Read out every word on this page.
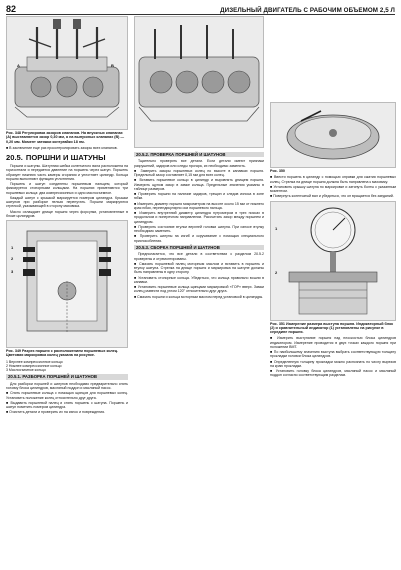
82	ДИЗЕЛЬНЫЙ ДВИГАТЕЛЬ С РАБОЧИМ ОБЪЕМОМ 2,5 Л
A	B
Рис. 348 Регулировка зазоров клапанов. На впускных клапанах (А) выставляется зазор 0,30 мм, а на выпускных клапанах (В) — 0,20 мм. Момент затяжки контргайки 18 нм.
■ В заключение еще раз проконтролировать зазоры всех клапанов.
20.5. ПОРШНИ И ШАТУНЫ
Поршни и шатуны. Шатунная шейка коленчатого вала расположена на горизонтали и передается давление на поршень через шатун. Поршень образует нижнюю часть камеры сгорания и уплотняет цилиндр. Кольца поршня выполняют функцию уплотнения.
Поршень и шатун соединены поршневым пальцем, который фиксируется стопорными кольцами. На поршнях применяются три поршневых кольца: два компрессионных и одно маслосъемное.
Каждый шатун с крышкой маркируется номером цилиндра. Крышки шатунов при разборке нельзя перепутать. Поршни маркируются стрелкой, указывающей в сторону маховика.
Масло охлаждает днище поршня через форсунки, установленные в блоке цилиндров.
1
2
3
Рис. 349 Разрез поршня с расположением поршневых колец. Цветовая маркировка колец указана на рисунке.
1 Верхнее компрессионное кольцо
2 Нижнее компрессионное кольцо
3 Маслосъемное кольцо
20.5.1. РАЗБОРКА ПОРШНЕЙ И ШАТУНОВ
Для разборки поршней и шатунов необходимо предварительно снять головку блока цилиндров, масляный поддон и масляный насос.
■ Снять поршневые кольца с помощью щипцов для поршневых колец. Установить положение колец относительно друг друга.
■ Выдавить поршневой палец и снять поршень с шатуна. Поршень и шатун пометить номером цилиндра.
■ Очистить детали и проверить их на износ и повреждения.
20.5.2. ПРОВЕРКА ПОРШНЕЙ И ШАТУНОВ
Тщательно проверить все детали. Если детали имеют признаки разрушений, задиров или следы прогара, их необходимо заменить.
■ Замерить зазоры поршневых колец по высоте в канавках поршня. Предельный зазор составляет 0,15 мм для всех колец.
■ Вставить поршневое кольцо в цилиндр и выровнять днищем поршня. Измерить щупом зазор в замке кольца. Предельные значения указаны в таблице размеров.
■ Проверить поршни на наличие задиров, трещин и следов износа в зоне юбки.
■ Измерить диаметр поршня микрометром на высоте около 15 мм от нижнего края юбки, перпендикулярно оси поршневого пальца.
■ Измерить внутренний диаметр цилиндра нутромером в трех поясах в продольном и поперечном направлении. Рассчитать зазор между поршнем и цилиндром.
■ Проверить состояние втулки верхней головки шатуна. При износе втулку необходимо заменить.
■ Проверить шатуны на изгиб и скручивание с помощью специального приспособления.
20.5.3. СБОРКА ПОРШНЕЙ И ШАТУНОВ
Предполагается, что все детали в соответствии с разделом 20.5.2 проверены и отремонтированы.
■ Смазать поршневой палец моторным маслом и вставить в поршень и втулку шатуна. Стрелка на днище поршня и маркировка на шатуне должны быть направлены в одну сторону.
■ Установить стопорные кольца. Убедиться, что кольца правильно вошли в канавки.
■ Установить поршневые кольца щипцами маркировкой «TOP» вверх. Замки колец развести под углом 120° относительно друг друга.
■ Смазать поршни и кольца моторным маслом перед установкой в цилиндры.
Рис. 350
■ Ввести поршень в цилиндр с помощью оправки для сжатия поршневых колец. Стрелка на днище поршня должна быть направлена к маховику.
■ Установить крышку шатуна по маркировке и затянуть болты с указанным моментом.
■ Повернуть коленчатый вал и убедиться, что он вращается без заеданий.
1
2
Рис. 351 Измерение размера выступа поршня. Индикаторный блок (2) и сравнительный индикатор (1) установлены на рисунке в середине поршня.
■ Измерить выступание поршня над плоскостью блока цилиндров индикатором. Измерение проводится в двух точках каждого поршня при положении ВМТ.
■ По наибольшему значению выступа выбрать соответствующую толщину прокладки головки блока цилиндров.
■ Определенную толщину прокладки можно распознать по числу вырезов на краю прокладки.
■ Установить головку блока цилиндров, масляный насос и масляный поддон согласно соответствующим разделам.
